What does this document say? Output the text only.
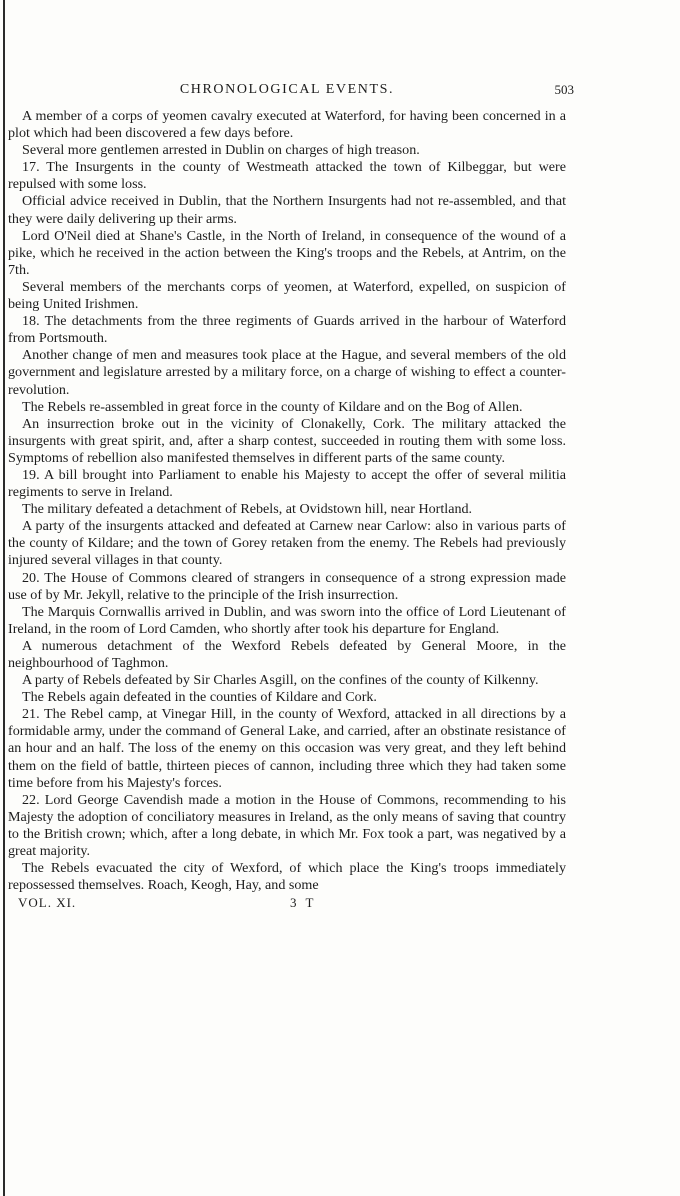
CHRONOLOGICAL EVENTS.	503

A member of a corps of yeomen cavalry executed at Waterford, for having been concerned in a plot which had been discovered a few days before.

Several more gentlemen arrested in Dublin on charges of high treason.

17. The Insurgents in the county of Westmeath attacked the town of Kilbeggar, but were repulsed with some loss.

Official advice received in Dublin, that the Northern Insurgents had not re-assembled, and that they were daily delivering up their arms.

Lord O'Neil died at Shane's Castle, in the North of Ireland, in consequence of the wound of a pike, which he received in the action between the King's troops and the Rebels, at Antrim, on the 7th.

Several members of the merchants corps of yeomen, at Waterford, expelled, on suspicion of being United Irishmen.

18. The detachments from the three regiments of Guards arrived in the harbour of Waterford from Portsmouth.

Another change of men and measures took place at the Hague, and several members of the old government and legislature arrested by a military force, on a charge of wishing to effect a counter-revolution.

The Rebels re-assembled in great force in the county of Kildare and on the Bog of Allen.

An insurrection broke out in the vicinity of Clonakelly, Cork. The military attacked the insurgents with great spirit, and, after a sharp contest, succeeded in routing them with some loss. Symptoms of rebellion also manifested themselves in different parts of the same county.

19. A bill brought into Parliament to enable his Majesty to accept the offer of several militia regiments to serve in Ireland.

The military defeated a detachment of Rebels, at Ovidstown hill, near Hortland.

A party of the insurgents attacked and defeated at Carnew near Carlow: also in various parts of the county of Kildare; and the town of Gorey retaken from the enemy. The Rebels had previously injured several villages in that county.

20. The House of Commons cleared of strangers in consequence of a strong expression made use of by Mr. Jekyll, relative to the principle of the Irish insurrection.

The Marquis Cornwallis arrived in Dublin, and was sworn into the office of Lord Lieutenant of Ireland, in the room of Lord Camden, who shortly after took his departure for England.

A numerous detachment of the Wexford Rebels defeated by General Moore, in the neighbourhood of Taghmon.

A party of Rebels defeated by Sir Charles Asgill, on the confines of the county of Kilkenny.

The Rebels again defeated in the counties of Kildare and Cork.

21. The Rebel camp, at Vinegar Hill, in the county of Wexford, attacked in all directions by a formidable army, under the command of General Lake, and carried, after an obstinate resistance of an hour and an half. The loss of the enemy on this occasion was very great, and they left behind them on the field of battle, thirteen pieces of cannon, including three which they had taken some time before from his Majesty's forces.

22. Lord George Cavendish made a motion in the House of Commons, recommending to his Majesty the adoption of conciliatory measures in Ireland, as the only means of saving that country to the British crown; which, after a long debate, in which Mr. Fox took a part, was negatived by a great majority.

The Rebels evacuated the city of Wexford, of which place the King's troops immediately repossessed themselves. Roach, Keogh, Hay, and some

VOL. XI.	3 T
